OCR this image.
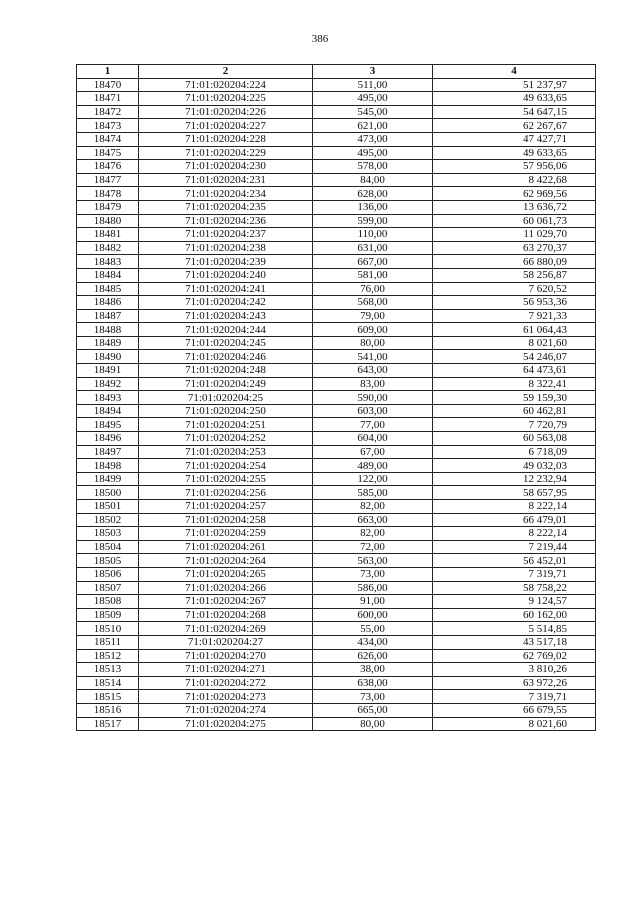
386
1	2	3	4
18470	71:01:020204:224	511,00	51 237,97
18471	71:01:020204:225	495,00	49 633,65
18472	71:01:020204:226	545,00	54 647,15
18473	71:01:020204:227	621,00	62 267,67
18474	71:01:020204:228	473,00	47 427,71
18475	71:01:020204:229	495,00	49 633,65
18476	71:01:020204:230	578,00	57 956,06
18477	71:01:020204:231	84,00	8 422,68
18478	71:01:020204:234	628,00	62 969,56
18479	71:01:020204:235	136,00	13 636,72
18480	71:01:020204:236	599,00	60 061,73
18481	71:01:020204:237	110,00	11 029,70
18482	71:01:020204:238	631,00	63 270,37
18483	71:01:020204:239	667,00	66 880,09
18484	71:01:020204:240	581,00	58 256,87
18485	71:01:020204:241	76,00	7 620,52
18486	71:01:020204:242	568,00	56 953,36
18487	71:01:020204:243	79,00	7 921,33
18488	71:01:020204:244	609,00	61 064,43
18489	71:01:020204:245	80,00	8 021,60
18490	71:01:020204:246	541,00	54 246,07
18491	71:01:020204:248	643,00	64 473,61
18492	71:01:020204:249	83,00	8 322,41
18493	71:01:020204:25	590,00	59 159,30
18494	71:01:020204:250	603,00	60 462,81
18495	71:01:020204:251	77,00	7 720,79
18496	71:01:020204:252	604,00	60 563,08
18497	71:01:020204:253	67,00	6 718,09
18498	71:01:020204:254	489,00	49 032,03
18499	71:01:020204:255	122,00	12 232,94
18500	71:01:020204:256	585,00	58 657,95
18501	71:01:020204:257	82,00	8 222,14
18502	71:01:020204:258	663,00	66 479,01
18503	71:01:020204:259	82,00	8 222,14
18504	71:01:020204:261	72,00	7 219,44
18505	71:01:020204:264	563,00	56 452,01
18506	71:01:020204:265	73,00	7 319,71
18507	71:01:020204:266	586,00	58 758,22
18508	71:01:020204:267	91,00	9 124,57
18509	71:01:020204:268	600,00	60 162,00
18510	71:01:020204:269	55,00	5 514,85
18511	71:01:020204:27	434,00	43 517,18
18512	71:01:020204:270	626,00	62 769,02
18513	71:01:020204:271	38,00	3 810,26
18514	71:01:020204:272	638,00	63 972,26
18515	71:01:020204:273	73,00	7 319,71
18516	71:01:020204:274	665,00	66 679,55
18517	71:01:020204:275	80,00	8 021,60
